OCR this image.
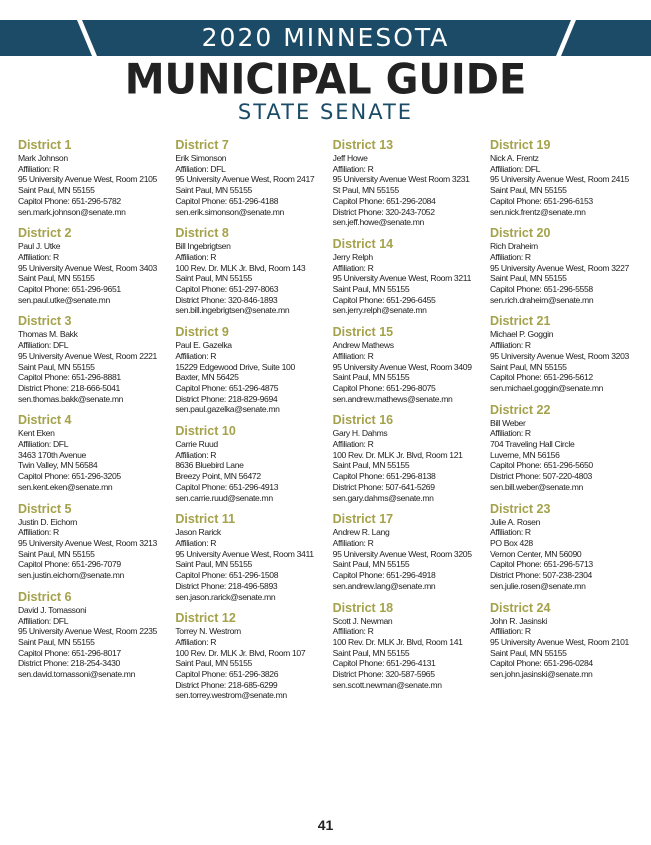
2020 MINNESOTA
MUNICIPAL GUIDE
STATE SENATE
District 1
Mark Johnson
Affiliation: R
95 University Avenue West, Room 2105
Saint Paul, MN 55155
Capitol Phone: 651-296-5782
sen.mark.johnson@senate.mn
District 2
Paul J. Utke
Affiliation: R
95 University Avenue West, Room 3403
Saint Paul, MN 55155
Capitol Phone: 651-296-9651
sen.paul.utke@senate.mn
District 3
Thomas M. Bakk
Affiliation: DFL
95 University Avenue West, Room 2221
Saint Paul, MN 55155
Capitol Phone: 651-296-8881
District Phone: 218-666-5041
sen.thomas.bakk@senate.mn
District 4
Kent Eken
Affiliation: DFL
3463 170th Avenue
Twin Valley, MN 56584
Capitol Phone: 651-296-3205
sen.kent.eken@senate.mn
District 5
Justin D. Eichorn
Affiliation: R
95 University Avenue West, Room 3213
Saint Paul, MN 55155
Capitol Phone: 651-296-7079
sen.justin.eichorn@senate.mn
District 6
David J. Tomassoni
Affiliation: DFL
95 University Avenue West, Room 2235
Saint Paul, MN 55155
Capitol Phone: 651-296-8017
District Phone: 218-254-3430
sen.david.tomassoni@senate.mn
District 7
Erik Simonson
Affiliation: DFL
95 University Avenue West, Room 2417
Saint Paul, MN 55155
Capitol Phone: 651-296-4188
sen.erik.simonson@senate.mn
District 8
Bill Ingebrigtsen
Affiliation: R
100 Rev. Dr. MLK Jr. Blvd, Room 143
Saint Paul, MN 55155
Capitol Phone: 651-297-8063
District Phone: 320-846-1893
sen.bill.ingebrigtsen@senate.mn
District 9
Paul E. Gazelka
Affiliation: R
15229 Edgewood Drive, Suite 100
Baxter, MN 56425
Capitol Phone: 651-296-4875
District Phone: 218-829-9694
sen.paul.gazelka@senate.mn
District 10
Carrie Ruud
Affiliation: R
8636 Bluebird Lane
Breezy Point, MN 56472
Capitol Phone: 651-296-4913
sen.carrie.ruud@senate.mn
District 11
Jason Rarick
Affiliation: R
95 University Avenue West, Room 3411
Saint Paul, MN 55155
Capitol Phone: 651-296-1508
District Phone: 218-496-5893
sen.jason.rarick@senate.mn
District 12
Torrey N. Westrom
Affiliation: R
100 Rev. Dr. MLK Jr. Blvd, Room 107
Saint Paul, MN 55155
Capitol Phone: 651-296-3826
District Phone: 218-685-6299
sen.torrey.westrom@senate.mn
District 13
Jeff Howe
Affiliation: R
95 University Avenue West Room 3231
St Paul, MN 55155
Capitol Phone: 651-296-2084
District Phone: 320-243-7052
sen.jeff.howe@senate.mn
District 14
Jerry Relph
Affiliation: R
95 University Avenue West, Room 3211
Saint Paul, MN 55155
Capitol Phone: 651-296-6455
sen.jerry.relph@senate.mn
District 15
Andrew Mathews
Affiliation: R
95 University Avenue West, Room 3409
Saint Paul, MN 55155
Capitol Phone: 651-296-8075
sen.andrew.mathews@senate.mn
District 16
Gary H. Dahms
Affiliation: R
100 Rev. Dr. MLK Jr. Blvd, Room 121
Saint Paul, MN 55155
Capitol Phone: 651-296-8138
District Phone: 507-641-5269
sen.gary.dahms@senate.mn
District 17
Andrew R. Lang
Affiliation: R
95 University Avenue West, Room 3205
Saint Paul, MN 55155
Capitol Phone: 651-296-4918
sen.andrew.lang@senate.mn
District 18
Scott J. Newman
Affiliation: R
100 Rev. Dr. MLK Jr. Blvd, Room 141
Saint Paul, MN 55155
Capitol Phone: 651-296-4131
District Phone: 320-587-5965
sen.scott.newman@senate.mn
District 19
Nick A. Frentz
Affiliation: DFL
95 University Avenue West, Room 2415
Saint Paul, MN 55155
Capitol Phone: 651-296-6153
sen.nick.frentz@senate.mn
District 20
Rich Draheim
Affiliation: R
95 University Avenue West, Room 3227
Saint Paul, MN 55155
Capitol Phone: 651-296-5558
sen.rich.draheim@senate.mn
District 21
Michael P. Goggin
Affiliation: R
95 University Avenue West, Room 3203
Saint Paul, MN 55155
Capitol Phone: 651-296-5612
sen.michael.goggin@senate.mn
District 22
Bill Weber
Affiliation: R
704 Traveling Hall Circle
Luverne, MN 56156
Capitol Phone: 651-296-5650
District Phone: 507-220-4803
sen.bill.weber@senate.mn
District 23
Julie A. Rosen
Affiliation: R
PO Box 428
Vernon Center, MN 56090
Capitol Phone: 651-296-5713
District Phone: 507-238-2304
sen.julie.rosen@senate.mn
District 24
John R. Jasinski
Affiliation: R
95 University Avenue West, Room 2101
Saint Paul, MN 55155
Capitol Phone: 651-296-0284
sen.john.jasinski@senate.mn
41
